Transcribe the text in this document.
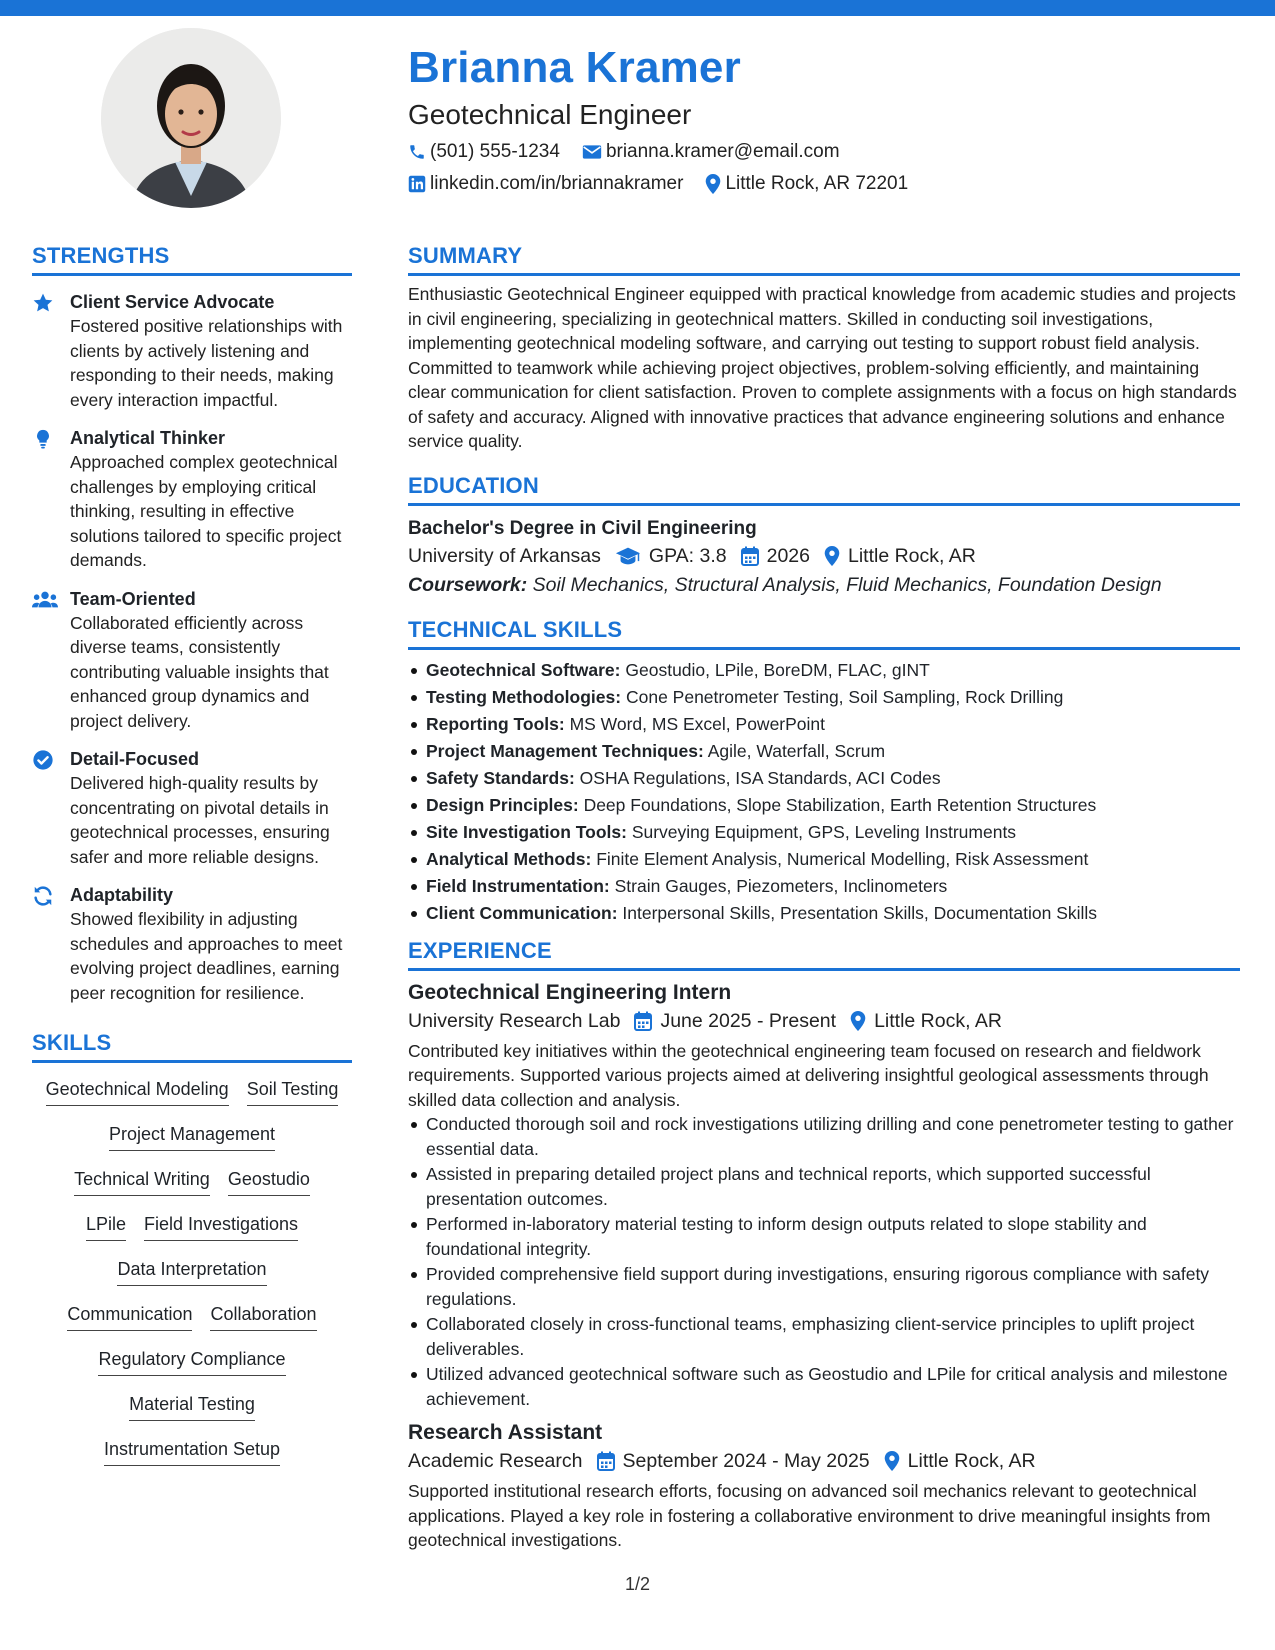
Brianna Kramer
Geotechnical Engineer
(501) 555-1234 brianna.kramer@email.com
linkedin.com/in/briannakramer Little Rock, AR 72201
STRENGTHS
Client Service Advocate
Fostered positive relationships with clients by actively listening and responding to their needs, making every interaction impactful.
Analytical Thinker
Approached complex geotechnical challenges by employing critical thinking, resulting in effective solutions tailored to specific project demands.
Team-Oriented
Collaborated efficiently across diverse teams, consistently contributing valuable insights that enhanced group dynamics and project delivery.
Detail-Focused
Delivered high-quality results by concentrating on pivotal details in geotechnical processes, ensuring safer and more reliable designs.
Adaptability
Showed flexibility in adjusting schedules and approaches to meet evolving project deadlines, earning peer recognition for resilience.
SKILLS
Geotechnical Modeling Soil Testing
Project Management
Technical Writing Geostudio
LPile Field Investigations
Data Interpretation
Communication Collaboration
Regulatory Compliance
Material Testing
Instrumentation Setup
SUMMARY
Enthusiastic Geotechnical Engineer equipped with practical knowledge from academic studies and projects in civil engineering, specializing in geotechnical matters. Skilled in conducting soil investigations, implementing geotechnical modeling software, and carrying out testing to support robust field analysis. Committed to teamwork while achieving project objectives, problem-solving efficiently, and maintaining clear communication for client satisfaction. Proven to complete assignments with a focus on high standards of safety and accuracy. Aligned with innovative practices that advance engineering solutions and enhance service quality.
EDUCATION
Bachelor's Degree in Civil Engineering
University of Arkansas GPA: 3.8 2026 Little Rock, AR
Coursework: Soil Mechanics, Structural Analysis, Fluid Mechanics, Foundation Design
TECHNICAL SKILLS
Geotechnical Software: Geostudio, LPile, BoreDM, FLAC, gINT
Testing Methodologies: Cone Penetrometer Testing, Soil Sampling, Rock Drilling
Reporting Tools: MS Word, MS Excel, PowerPoint
Project Management Techniques: Agile, Waterfall, Scrum
Safety Standards: OSHA Regulations, ISA Standards, ACI Codes
Design Principles: Deep Foundations, Slope Stabilization, Earth Retention Structures
Site Investigation Tools: Surveying Equipment, GPS, Leveling Instruments
Analytical Methods: Finite Element Analysis, Numerical Modelling, Risk Assessment
Field Instrumentation: Strain Gauges, Piezometers, Inclinometers
Client Communication: Interpersonal Skills, Presentation Skills, Documentation Skills
EXPERIENCE
Geotechnical Engineering Intern
University Research Lab June 2025 - Present Little Rock, AR
Contributed key initiatives within the geotechnical engineering team focused on research and fieldwork requirements. Supported various projects aimed at delivering insightful geological assessments through skilled data collection and analysis.
Conducted thorough soil and rock investigations utilizing drilling and cone penetrometer testing to gather essential data.
Assisted in preparing detailed project plans and technical reports, which supported successful presentation outcomes.
Performed in-laboratory material testing to inform design outputs related to slope stability and foundational integrity.
Provided comprehensive field support during investigations, ensuring rigorous compliance with safety regulations.
Collaborated closely in cross-functional teams, emphasizing client-service principles to uplift project deliverables.
Utilized advanced geotechnical software such as Geostudio and LPile for critical analysis and milestone achievement.
Research Assistant
Academic Research September 2024 - May 2025 Little Rock, AR
Supported institutional research efforts, focusing on advanced soil mechanics relevant to geotechnical applications. Played a key role in fostering a collaborative environment to drive meaningful insights from geotechnical investigations.
1/2
